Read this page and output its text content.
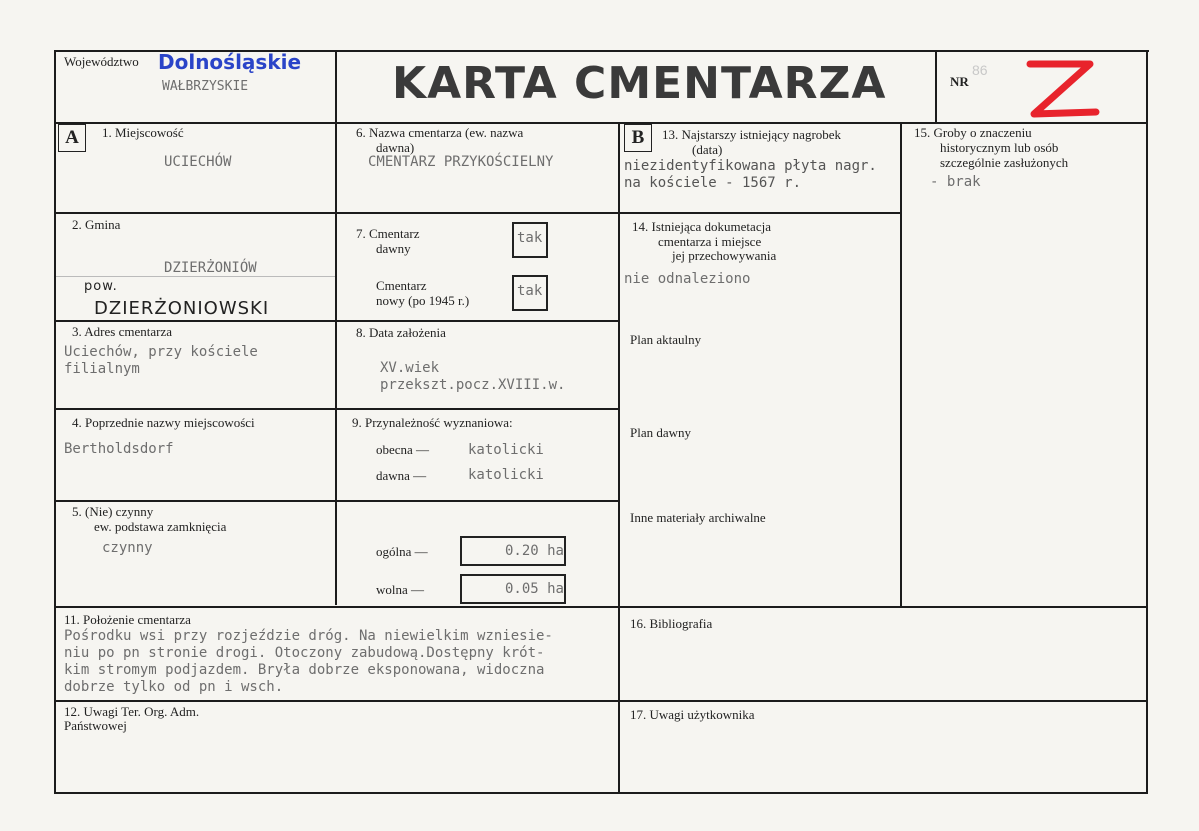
Województwo Dolnośląskie
WAŁBRZYSKIE	KARTA CMENTARZA	NR
86
A	B
1. Miejscowość
UCIECHÓW
2. Gmina
DZIERŻONIÓW
pow.
DZIERŻONIOWSKI
3. Adres cmentarza
Uciechów, przy kościele
filialnym
4. Poprzednie nazwy miejscowości
Bertholdsdorf
5. (Nie) czynny
ew. podstawa zamknięcia
czynny
6. Nazwa cmentarza (ew. nazwa
dawna)
CMENTARZ PRZYKOŚCIELNY
7. Cmentarz
dawny
tak
Cmentarz
nowy (po 1945 r.)
tak
8. Data założenia
XV.wiek
przekszt.pocz.XVIII.w.
9. Przynależność wyznaniowa:
obecna —	katolicki
dawna —	katolicki
ogólna —	0.20 ha
wolna —	0.05 ha
11. Położenie cmentarza
Pośrodku wsi przy rozjeździe dróg. Na niewielkim wzniesie-
niu po pn stronie drogi. Otoczony zabudową.Dostępny krót-
kim stromym podjazdem. Bryła dobrze eksponowana, widoczna
dobrze tylko od pn i wsch.
12. Uwagi Ter. Org. Adm.
Państwowej
13. Najstarszy istniejący nagrobek
(data)
niezidentyfikowana płyta nagr.
na kościele - 1567 r.
14. Istniejąca dokumetacja
cmentarza i miejsce
jej przechowywania
nie odnaleziono
Plan aktaulny
Plan dawny
Inne materiały archiwalne
15. Groby o znaczeniu
historycznym lub osób
szczególnie zasłużonych
- brak
16. Bibliografia
17. Uwagi użytkownika
